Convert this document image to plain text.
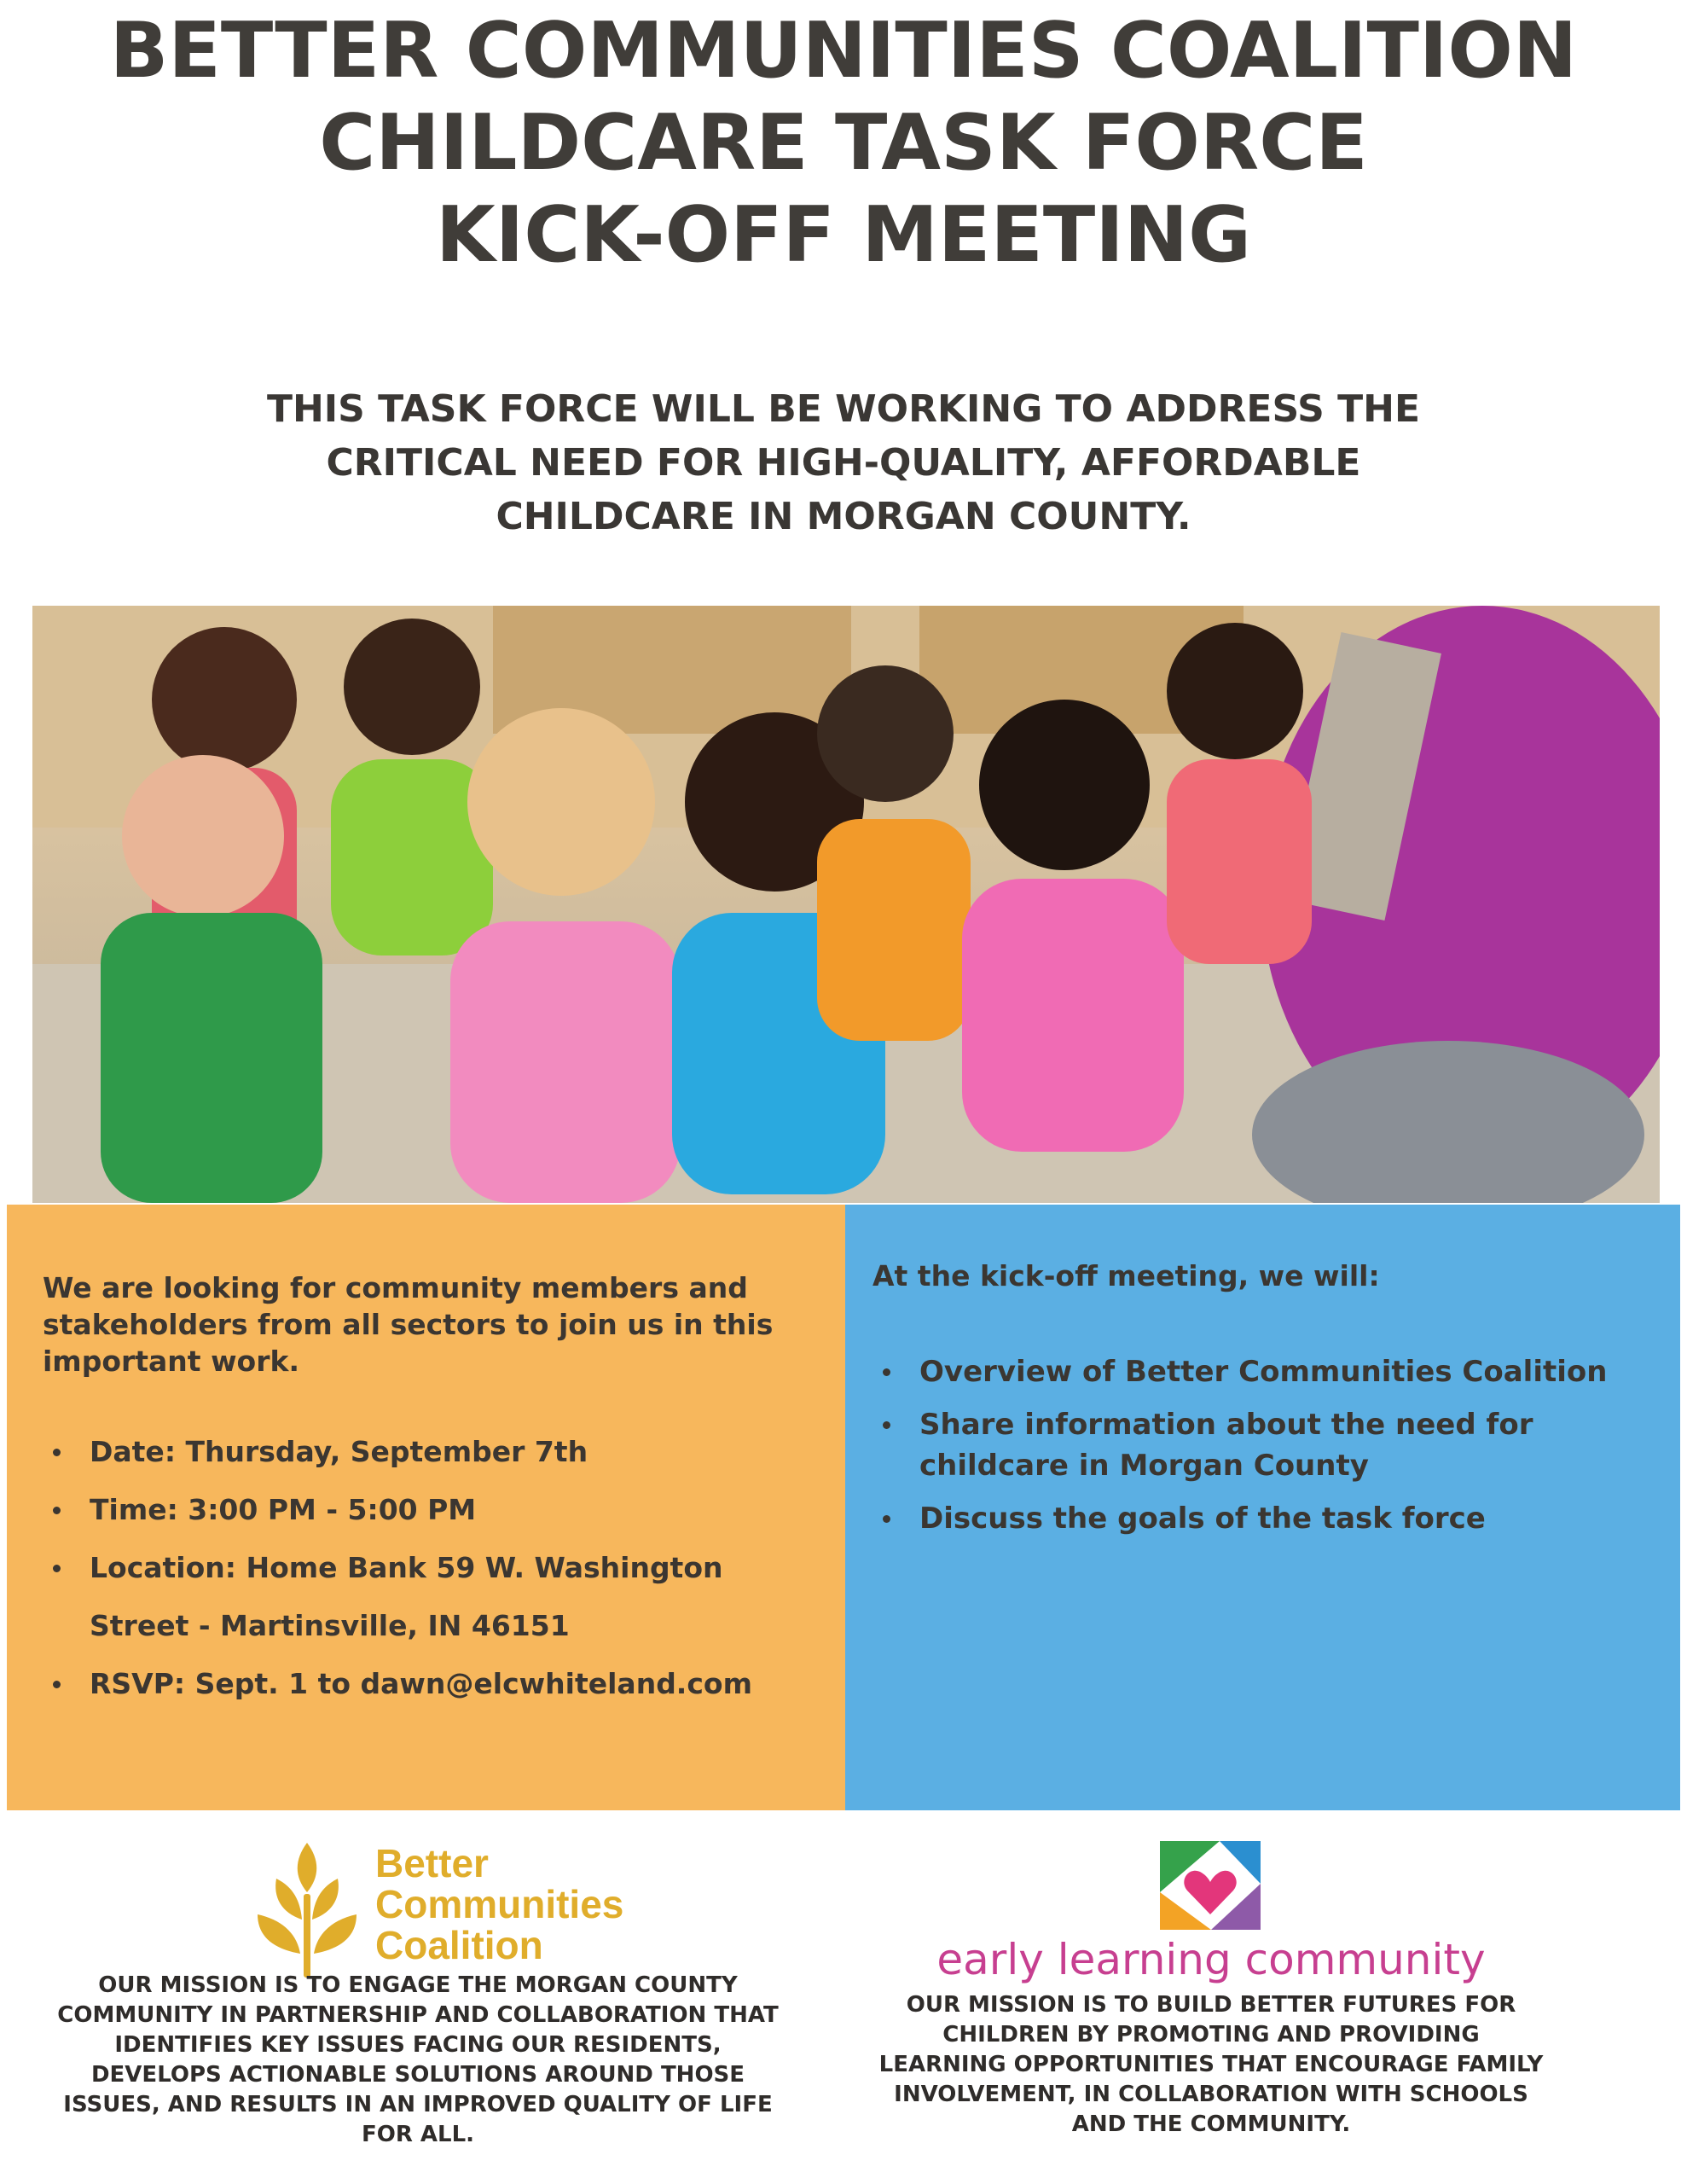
BETTER COMMUNITIES COALITION
CHILDCARE TASK FORCE
KICK-OFF MEETING
THIS TASK FORCE WILL BE WORKING TO ADDRESS THE
CRITICAL NEED FOR HIGH-QUALITY, AFFORDABLE
CHILDCARE IN MORGAN COUNTY.
We are looking for community members and stakeholders from all sectors to join us in this important work.
Date: Thursday, September 7th
Time: 3:00 PM - 5:00 PM
Location: Home Bank 59 W. Washington Street - Martinsville, IN 46151
RSVP: Sept. 1 to dawn@elcwhiteland.com
At the kick-off meeting, we will:
Overview of Better Communities Coalition
Share information about the need for childcare in Morgan County
Discuss the goals of the task force
Better
Communities
Coalition
OUR MISSION IS TO ENGAGE THE MORGAN COUNTY COMMUNITY IN PARTNERSHIP AND COLLABORATION THAT IDENTIFIES KEY ISSUES FACING OUR RESIDENTS, DEVELOPS ACTIONABLE SOLUTIONS AROUND THOSE ISSUES, AND RESULTS IN AN IMPROVED QUALITY OF LIFE FOR ALL.
early learning community
OUR MISSION IS TO BUILD BETTER FUTURES FOR CHILDREN BY PROMOTING AND PROVIDING LEARNING OPPORTUNITIES THAT ENCOURAGE FAMILY INVOLVEMENT, IN COLLABORATION WITH SCHOOLS AND THE COMMUNITY.
